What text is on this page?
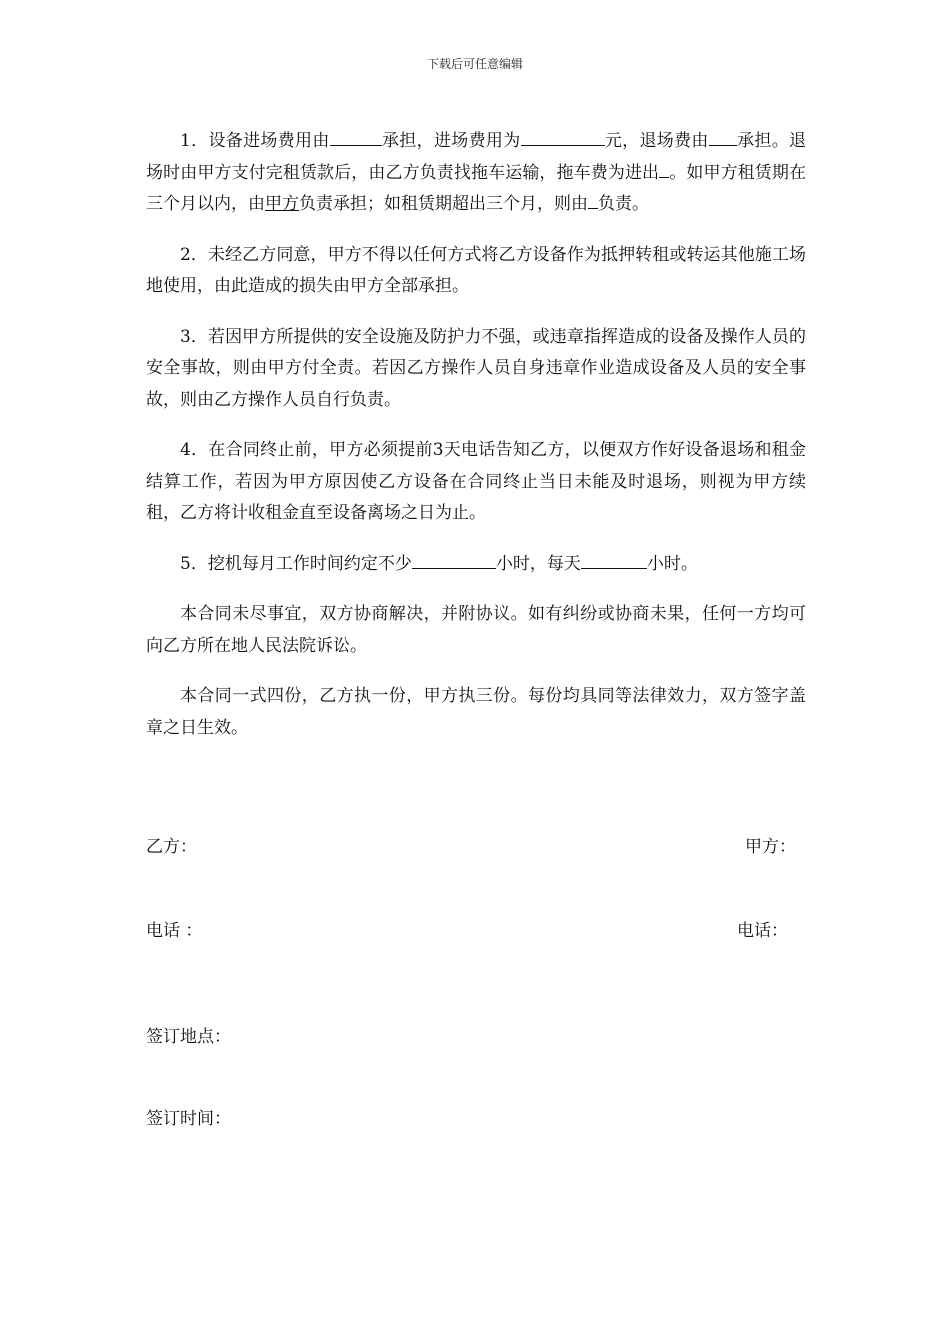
下载后可任意编辑

1．设备进场费用由	承担，进场费用为	元，退场费由 承担。退场时由甲方支付完租赁款后，由乙方负责找拖车运输，拖车费为进出 。如甲方租赁期在三个月以内，由甲方负责承担；如租赁期超出三个月，则由 负责。

2．未经乙方同意，甲方不得以任何方式将乙方设备作为抵押转租或转运其他施工场地使用，由此造成的损失由甲方全部承担。

3．若因甲方所提供的安全设施及防护力不强，或违章指挥造成的设备及操作人员的安全事故，则由甲方付全责。若因乙方操作人员自身违章作业造成设备及人员的安全事故，则由乙方操作人员自行负责。

4．在合同终止前，甲方必须提前3天电话告知乙方，以便双方作好设备退场和租金结算工作，若因为甲方原因使乙方设备在合同终止当日未能及时退场，则视为甲方续租，乙方将计收租金直至设备离场之日为止。

5．挖机每月工作时间约定不少	小时，每天	小时。

本合同未尽事宜，双方协商解决，并附协议。如有纠纷或协商未果，任何一方均可向乙方所在地人民法院诉讼。

本合同一式四份，乙方执一份，甲方执三份。每份均具同等法律效力，双方签字盖章之日生效。

乙方：	甲方：
电话 ：	电话：
签订地点：
签订时间：
